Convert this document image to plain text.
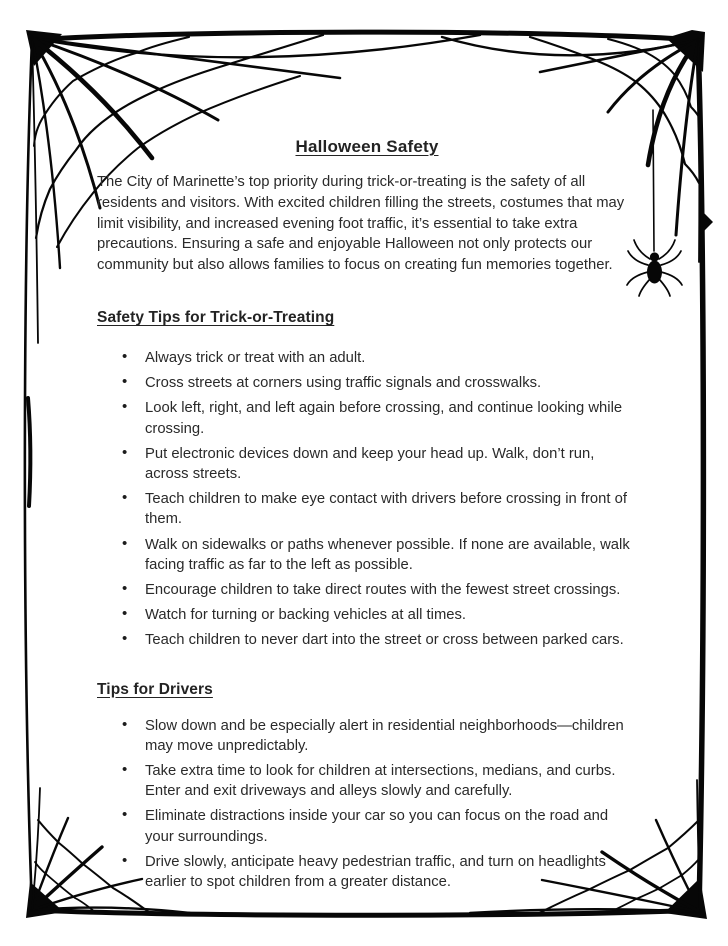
Halloween Safety

The City of Marinette’s top priority during trick-or-treating is the safety of all residents and visitors. With excited children filling the streets, costumes that may limit visibility, and increased evening foot traffic, it’s essential to take extra precautions. Ensuring a safe and enjoyable Halloween not only protects our community but also allows families to focus on creating fun memories together.

Safety Tips for Trick-or-Treating
• Always trick or treat with an adult.
• Cross streets at corners using traffic signals and crosswalks.
• Look left, right, and left again before crossing, and continue looking while crossing.
• Put electronic devices down and keep your head up. Walk, don’t run, across streets.
• Teach children to make eye contact with drivers before crossing in front of them.
• Walk on sidewalks or paths whenever possible. If none are available, walk facing traffic as far to the left as possible.
• Encourage children to take direct routes with the fewest street crossings.
• Watch for turning or backing vehicles at all times.
• Teach children to never dart into the street or cross between parked cars.
Tips for Drivers
• Slow down and be especially alert in residential neighborhoods—children may move unpredictably.
• Take extra time to look for children at intersections, medians, and curbs. Enter and exit driveways and alleys slowly and carefully.
• Eliminate distractions inside your car so you can focus on the road and your surroundings.
• Drive slowly, anticipate heavy pedestrian traffic, and turn on headlights earlier to spot children from a greater distance.
